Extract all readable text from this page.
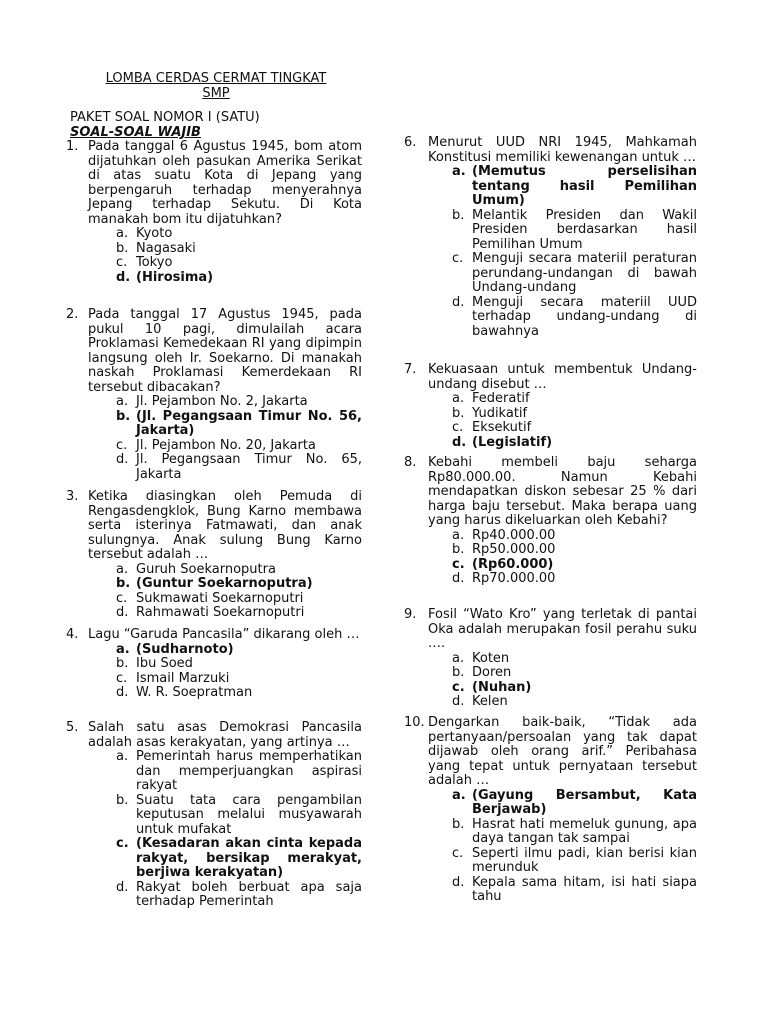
LOMBA CERDAS CERMAT TINGKAT
SMP
PAKET SOAL NOMOR I (SATU)
SOAL-SOAL WAJIB
1. Pada tanggal 6 Agustus 1945, bom atom dijatuhkan oleh pasukan Amerika Serikat di atas suatu Kota di Jepang yang berpengaruh terhadap menyerahnya Jepang terhadap Sekutu. Di Kota manakah bom itu dijatuhkan?
a. Kyoto
b. Nagasaki
c. Tokyo
d. (Hirosima)
2. Pada tanggal 17 Agustus 1945, pada pukul 10 pagi, dimulailah acara Proklamasi Kemedekaan RI yang dipimpin langsung oleh Ir. Soekarno. Di manakah naskah Proklamasi Kemerdekaan RI tersebut dibacakan?
a. Jl. Pejambon No. 2, Jakarta
b. (Jl. Pegangsaan Timur No. 56, Jakarta)
c. Jl. Pejambon No. 20, Jakarta
d. Jl. Pegangsaan Timur No. 65, Jakarta
3. Ketika diasingkan oleh Pemuda di Rengasdengklok, Bung Karno membawa serta isterinya Fatmawati, dan anak sulungnya. Anak sulung Bung Karno tersebut adalah …
a. Guruh Soekarnoputra
b. (Guntur Soekarnoputra)
c. Sukmawati Soekarnoputri
d. Rahmawati Soekarnoputri
4. Lagu “Garuda Pancasila” dikarang oleh …
a. (Sudharnoto)
b. Ibu Soed
c. Ismail Marzuki
d. W. R. Soepratman
5. Salah satu asas Demokrasi Pancasila adalah asas kerakyatan, yang artinya …
a. Pemerintah harus memperhatikan dan memperjuangkan aspirasi rakyat
b. Suatu tata cara pengambilan keputusan melalui musyawarah untuk mufakat
c. (Kesadaran akan cinta kepada rakyat, bersikap merakyat, berjiwa kerakyatan)
d. Rakyat boleh berbuat apa saja terhadap Pemerintah
6. Menurut UUD NRI 1945, Mahkamah Konstitusi memiliki kewenangan untuk …
a. (Memutus perselisihan tentang hasil Pemilihan Umum)
b. Melantik Presiden dan Wakil Presiden berdasarkan hasil Pemilihan Umum
c. Menguji secara materiil peraturan perundang-undangan di bawah Undang-undang
d. Menguji secara materiil UUD terhadap undang-undang di bawahnya
7. Kekuasaan untuk membentuk Undang-undang disebut …
a. Federatif
b. Yudikatif
c. Eksekutif
d. (Legislatif)
8. Kebahi membeli baju seharga Rp80.000.00. Namun Kebahi mendapatkan diskon sebesar 25 % dari harga baju tersebut. Maka berapa uang yang harus dikeluarkan oleh Kebahi?
a. Rp40.000.00
b. Rp50.000.00
c. (Rp60.000)
d. Rp70.000.00
9. Fosil “Wato Kro” yang terletak di pantai Oka adalah merupakan fosil perahu suku ….
a. Koten
b. Doren
c. (Nuhan)
d. Kelen
10. Dengarkan baik-baik, “Tidak ada pertanyaan/persoalan yang tak dapat dijawab oleh orang arif.” Peribahasa yang tepat untuk pernyataan tersebut adalah …
a. (Gayung Bersambut, Kata Berjawab)
b. Hasrat hati memeluk gunung, apa daya tangan tak sampai
c. Seperti ilmu padi, kian berisi kian merunduk
d. Kepala sama hitam, isi hati siapa tahu
